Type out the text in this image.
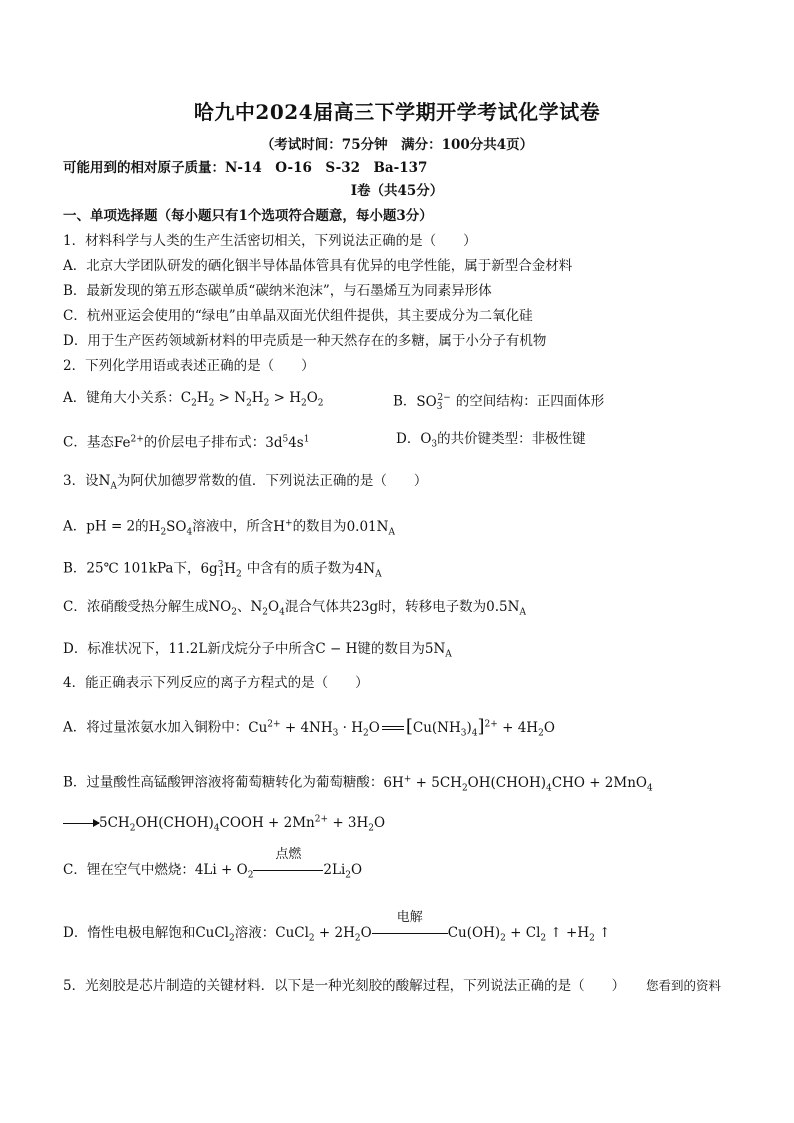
哈九中2024届高三下学期开学考试化学试卷
（考试时间：75分钟　满分：100分共4页）
可能用到的相对原子质量：N-14　O-16　S-32　Ba-137
Ⅰ卷（共45分）
一、单项选择题（每小题只有1个选项符合题意，每小题3分）
1．材料科学与人类的生产生活密切相关，下列说法正确的是（　　）
A．北京大学团队研发的硒化铟半导体晶体管具有优异的电学性能，属于新型合金材料
B．最新发现的第五形态碳单质“碳纳米泡沫”，与石墨烯互为同素异形体
C．杭州亚运会使用的“绿电”由单晶双面光伏组件提供，其主要成分为二氧化硅
D．用于生产医药领域新材料的甲壳质是一种天然存在的多糖，属于小分子有机物
2．下列化学用语或表述正确的是（　　）
A．键角大小关系：$C_2H_2 > N_2H_2 > H_2O_2$	B．$SO_3^{2-}$ 的空间结构：正四面体形
C．基态$Fe^{2+}$的价层电子排布式：$3d^54s^1$	D．$O_3$的共价键类型：非极性键
3．设$N_A$为阿伏加德罗常数的值．下列说法正确的是（　　）
A．pH = 2的$H_2SO_4$溶液中，所含H+的数目为$0.01N_A$
B．25℃ 101kPa下，$6g^3_1H_2$ 中含有的质子数为$4N_A$
C．浓硝酸受热分解生成$NO_2$、$N_2O_4$混合气体共23g时，转移电子数为$0.5N_A$
D．标准状况下，11.2L新戊烷分子中所含C − H键的数目为$5N_A$
4．能正确表示下列反应的离子方程式的是（　　）
A．将过量浓氨水加入铜粉中：$Cu^{2+} + 4NH_3 \cdot H_2O$ $[Cu(NH_3)_4]^{2+} + 4H_2O$
B．过量酸性高锰酸钾溶液将葡萄糖转化为葡萄糖酸：$6H^+ + 5CH_2OH(CHOH)_4CHO + 2MnO_4$
$\to 5CH_2OH(CHOH)_4COOH + 2Mn^{2+} + 3H_2O$
C．锂在空气中燃烧：$4Li + O_2$
点燃
$2Li_2O$
D．惰性电极电解饱和CuCl$_2$溶液：CuCl$_2$ + $2H_2O$
电解
$Cu(OH)_2 + Cl_2$ ↑ $+H_2$ ↑
5．光刻胶是芯片制造的关键材料．以下是一种光刻胶的酸解过程，下列说法正确的是（　　） 您看到的资料
